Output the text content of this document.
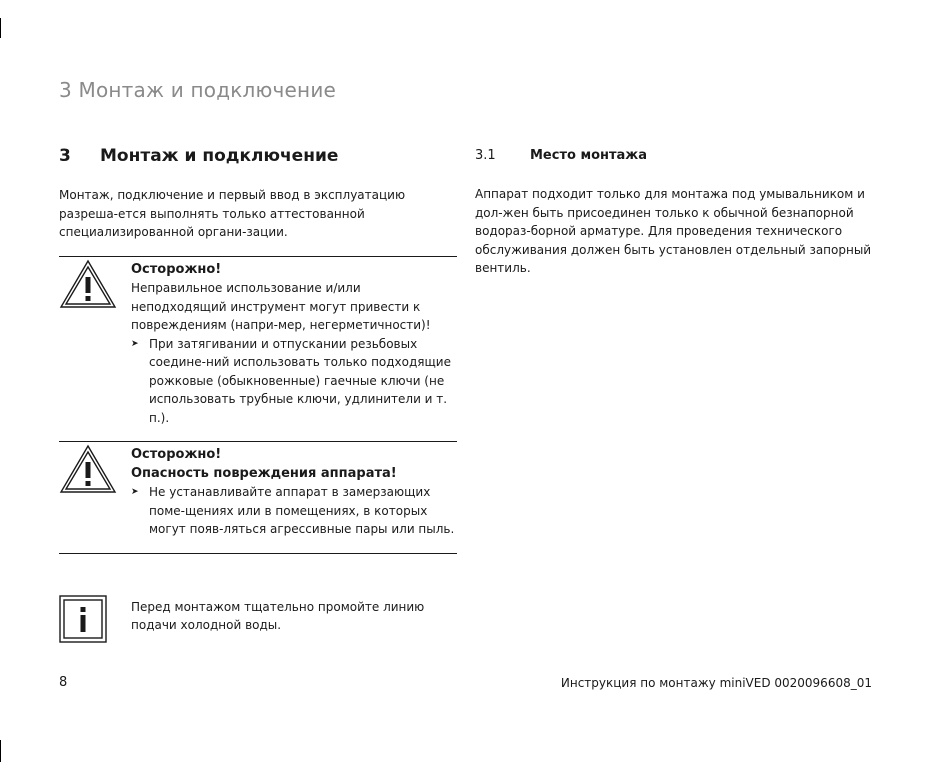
3 Монтаж и подключение
3	Монтаж и подключение

Монтаж, подключение и первый ввод в эксплуатацию разреша-ется выполнять только аттестованной специализированной органи-зации.

Осторожно!

Неправильное использование и/или неподходящий инструмент могут привести к повреждениям (напри-мер, негерметичности)!

➤ При затягивании и отпускании резьбовых соедине-ний использовать только подходящие рожковые (обыкновенные) гаечные ключи (не использовать трубные ключи, удлинители и т. п.).

Осторожно!

Опасность повреждения аппарата!

➤ Не устанавливайте аппарат в замерзающих поме-щениях или в помещениях, в которых могут появ-ляться агрессивные пары или пыль.

Перед монтажом тщательно промойте линию подачи холодной воды.

3.1	Место монтажа

Аппарат подходит только для монтажа под умывальником и дол-жен быть присоединен только к обычной безнапорной водораз-борной арматуре. Для проведения технического обслуживания должен быть установлен отдельный запорный вентиль.

8	Инструкция по монтажу miniVED 0020096608_01
